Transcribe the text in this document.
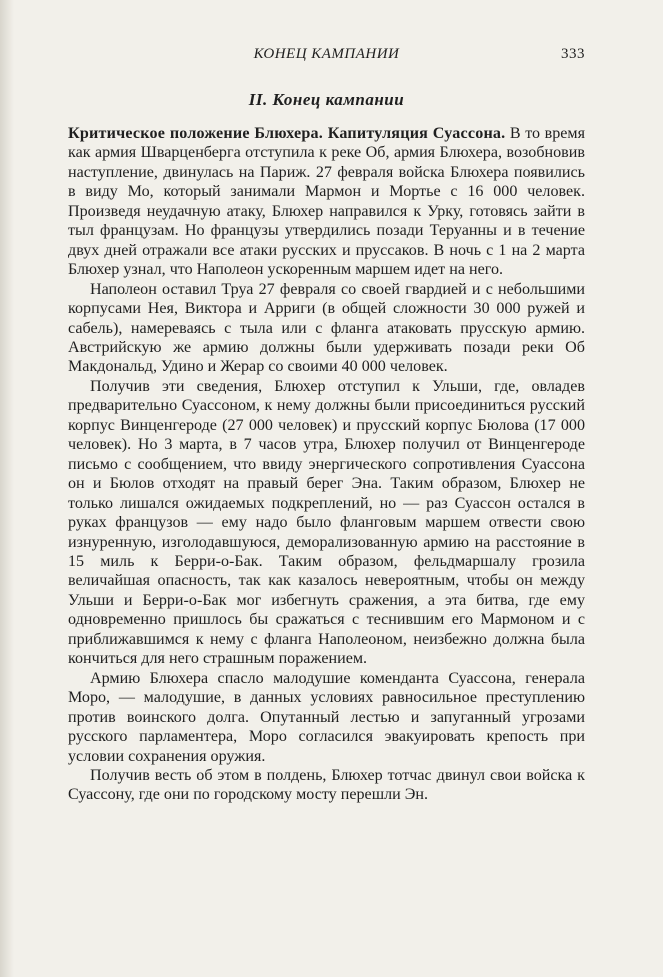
КОНЕЦ КАМПАНИИ	333
II. Конец кампании

Критическое положение Блюхера. Капитуляция Суассона. В то время как армия Шварценберга отступила к реке Об, армия Блюхера, возобновив наступление, двинулась на Париж. 27 февраля войска Блюхера появились в виду Мо, который занимали Мармон и Мортье с 16 000 человек. Произведя неудачную атаку, Блюхер направился к Урку, готовясь зайти в тыл французам. Но французы утвердились позади Теруанны и в течение двух дней отражали все атаки русских и пруссаков. В ночь с 1 на 2 марта Блюхер узнал, что Наполеон ускоренным маршем идет на него.

Наполеон оставил Труа 27 февраля со своей гвардией и с небольшими корпусами Нея, Виктора и Арриги (в общей сложности 30 000 ружей и сабель), намереваясь с тыла или с фланга атаковать прусскую армию. Австрийскую же армию должны были удерживать позади реки Об Макдональд, Удино и Жерар со своими 40 000 человек.

Получив эти сведения, Блюхер отступил к Ульши, где, овладев предварительно Суассоном, к нему должны были присоединиться русский корпус Винценгероде (27 000 человек) и прусский корпус Бюлова (17 000 человек). Но 3 марта, в 7 часов утра, Блюхер получил от Винценгероде письмо с сообщением, что ввиду энергического сопротивления Суассона он и Бюлов отходят на правый берег Эна. Таким образом, Блюхер не только лишался ожидаемых подкреплений, но — раз Суассон остался в руках французов — ему надо было фланговым маршем отвести свою изнуренную, изголодавшуюся, деморализованную армию на расстояние в 15 миль к Берри-о-Бак. Таким образом, фельдмаршалу грозила величайшая опасность, так как казалось невероятным, чтобы он между Ульши и Берри-о-Бак мог избегнуть сражения, а эта битва, где ему одновременно пришлось бы сражаться с теснившим его Мармоном и с приближавшимся к нему с фланга Наполеоном, неизбежно должна была кончиться для него страшным поражением.

Армию Блюхера спасло малодушие коменданта Суассона, генерала Моро, — малодушие, в данных условиях равносильное преступлению против воинского долга. Опутанный лестью и запуганный угрозами русского парламентера, Моро согласился эвакуировать крепость при условии сохранения оружия.

Получив весть об этом в полдень, Блюхер тотчас двинул свои войска к Суассону, где они по городскому мосту перешли Эн.
